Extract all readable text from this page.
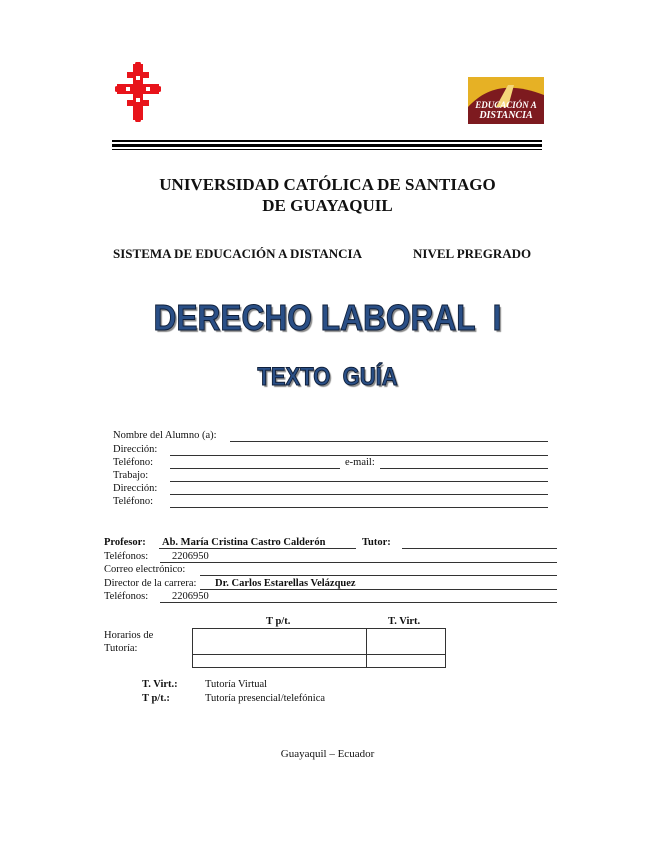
EDUCACIÓN A
DISTANCIA
UNIVERSIDAD CATÓLICA DE SANTIAGO
DE GUAYAQUIL
SISTEMA DE EDUCACIÓN A DISTANCIA	NIVEL PREGRADO
DERECHO LABORAL  I
TEXTO  GUÍA
Nombre del Alumno (a):
Dirección:
Teléfono:	e-mail:
Trabajo:
Dirección:
Teléfono:
Profesor: Ab. María Cristina Castro Calderón	Tutor:
Teléfonos: 2206950
Correo electrónico:
Director de la carrera: Dr. Carlos Estarellas Velázquez
Teléfonos: 2206950
T p/t.	T. Virt.
Horarios de
Tutoría:

T. Virt.:	Tutoría Virtual
T p/t.:	Tutoría presencial/telefónica
Guayaquil – Ecuador
